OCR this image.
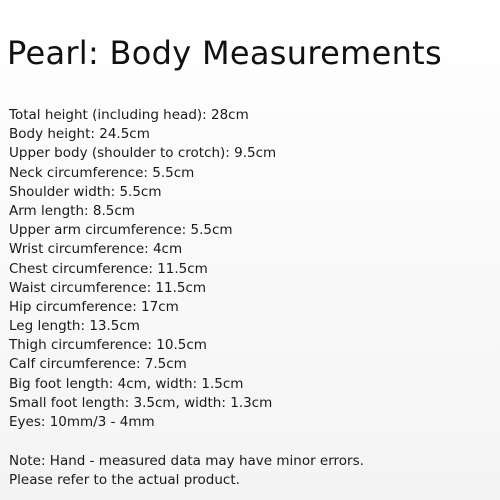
Pearl: Body Measurements
Total height (including head): 28cm
Body height: 24.5cm
Upper body (shoulder to crotch): 9.5cm
Neck circumference: 5.5cm
Shoulder width: 5.5cm
Arm length: 8.5cm
Upper arm circumference: 5.5cm
Wrist circumference: 4cm
Chest circumference: 11.5cm
Waist circumference: 11.5cm
Hip circumference: 17cm
Leg length: 13.5cm
Thigh circumference: 10.5cm
Calf circumference: 7.5cm
Big foot length: 4cm, width: 1.5cm
Small foot length: 3.5cm, width: 1.3cm
Eyes: 10mm/3 - 4mm
Note: Hand - measured data may have minor errors.
Please refer to the actual product.
